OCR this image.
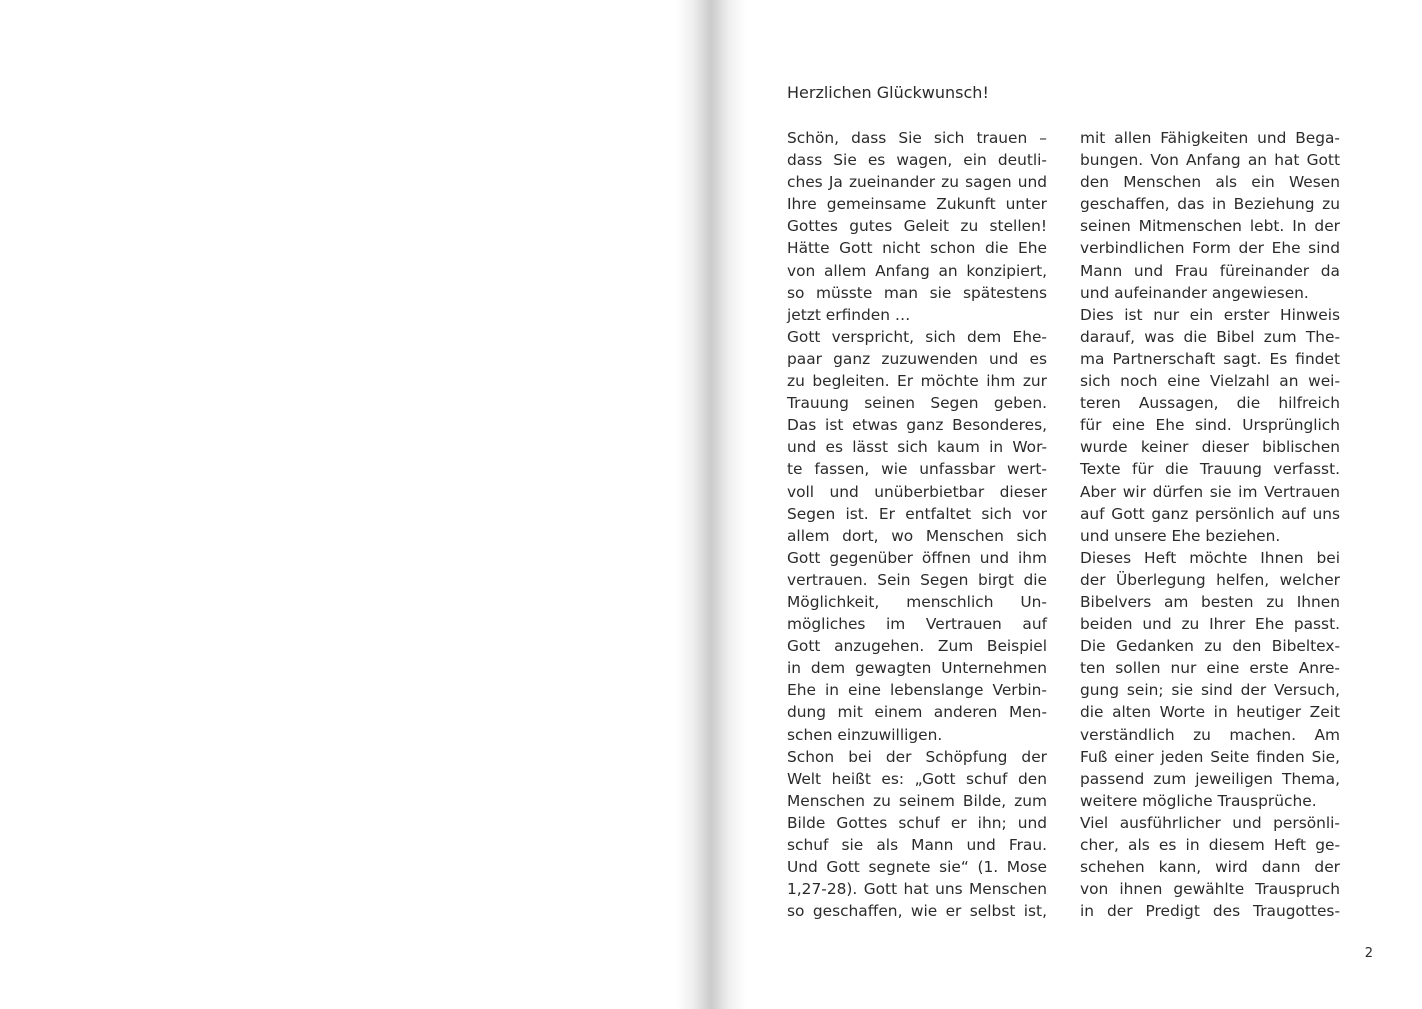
Herzlichen Glückwunsch!
Schön, dass Sie sich trauen –
dass Sie es wagen, ein deutli-
ches Ja zueinander zu sagen und
Ihre gemeinsame Zukunft unter
Gottes gutes Geleit zu stellen!
Hätte Gott nicht schon die Ehe
von allem Anfang an konzipiert,
so müsste man sie spätestens
jetzt erfinden …
Gott verspricht, sich dem Ehe-
paar ganz zuzuwenden und es
zu begleiten. Er möchte ihm zur
Trauung seinen Segen geben.
Das ist etwas ganz Besonderes,
und es lässt sich kaum in Wor-
te fassen, wie unfassbar wert-
voll und unüberbietbar dieser
Segen ist. Er entfaltet sich vor
allem dort, wo Menschen sich
Gott gegenüber öffnen und ihm
vertrauen. Sein Segen birgt die
Möglichkeit, menschlich Un-
mögliches im Vertrauen auf
Gott anzugehen. Zum Beispiel
in dem gewagten Unternehmen
Ehe in eine lebenslange Verbin-
dung mit einem anderen Men-
schen einzuwilligen.
Schon bei der Schöpfung der
Welt heißt es: „Gott schuf den
Menschen zu seinem Bilde, zum
Bilde Gottes schuf er ihn; und
schuf sie als Mann und Frau.
Und Gott segnete sie“ (1. Mose
1,27-28). Gott hat uns Menschen
so geschaffen, wie er selbst ist,
mit allen Fähigkeiten und Bega-
bungen. Von Anfang an hat Gott
den Menschen als ein Wesen
geschaffen, das in Beziehung zu
seinen Mitmenschen lebt. In der
verbindlichen Form der Ehe sind
Mann und Frau füreinander da
und aufeinander angewiesen.
Dies ist nur ein erster Hinweis
darauf, was die Bibel zum The-
ma Partnerschaft sagt. Es findet
sich noch eine Vielzahl an wei-
teren Aussagen, die hilfreich
für eine Ehe sind. Ursprünglich
wurde keiner dieser biblischen
Texte für die Trauung verfasst.
Aber wir dürfen sie im Vertrauen
auf Gott ganz persönlich auf uns
und unsere Ehe beziehen.
Dieses Heft möchte Ihnen bei
der Überlegung helfen, welcher
Bibelvers am besten zu Ihnen
beiden und zu Ihrer Ehe passt.
Die Gedanken zu den Bibeltex-
ten sollen nur eine erste Anre-
gung sein; sie sind der Versuch,
die alten Worte in heutiger Zeit
verständlich zu machen. Am
Fuß einer jeden Seite finden Sie,
passend zum jeweiligen Thema,
weitere mögliche Trausprüche.
Viel ausführlicher und persönli-
cher, als es in diesem Heft ge-
schehen kann, wird dann der
von ihnen gewählte Trauspruch
in der Predigt des Traugottes-
2
